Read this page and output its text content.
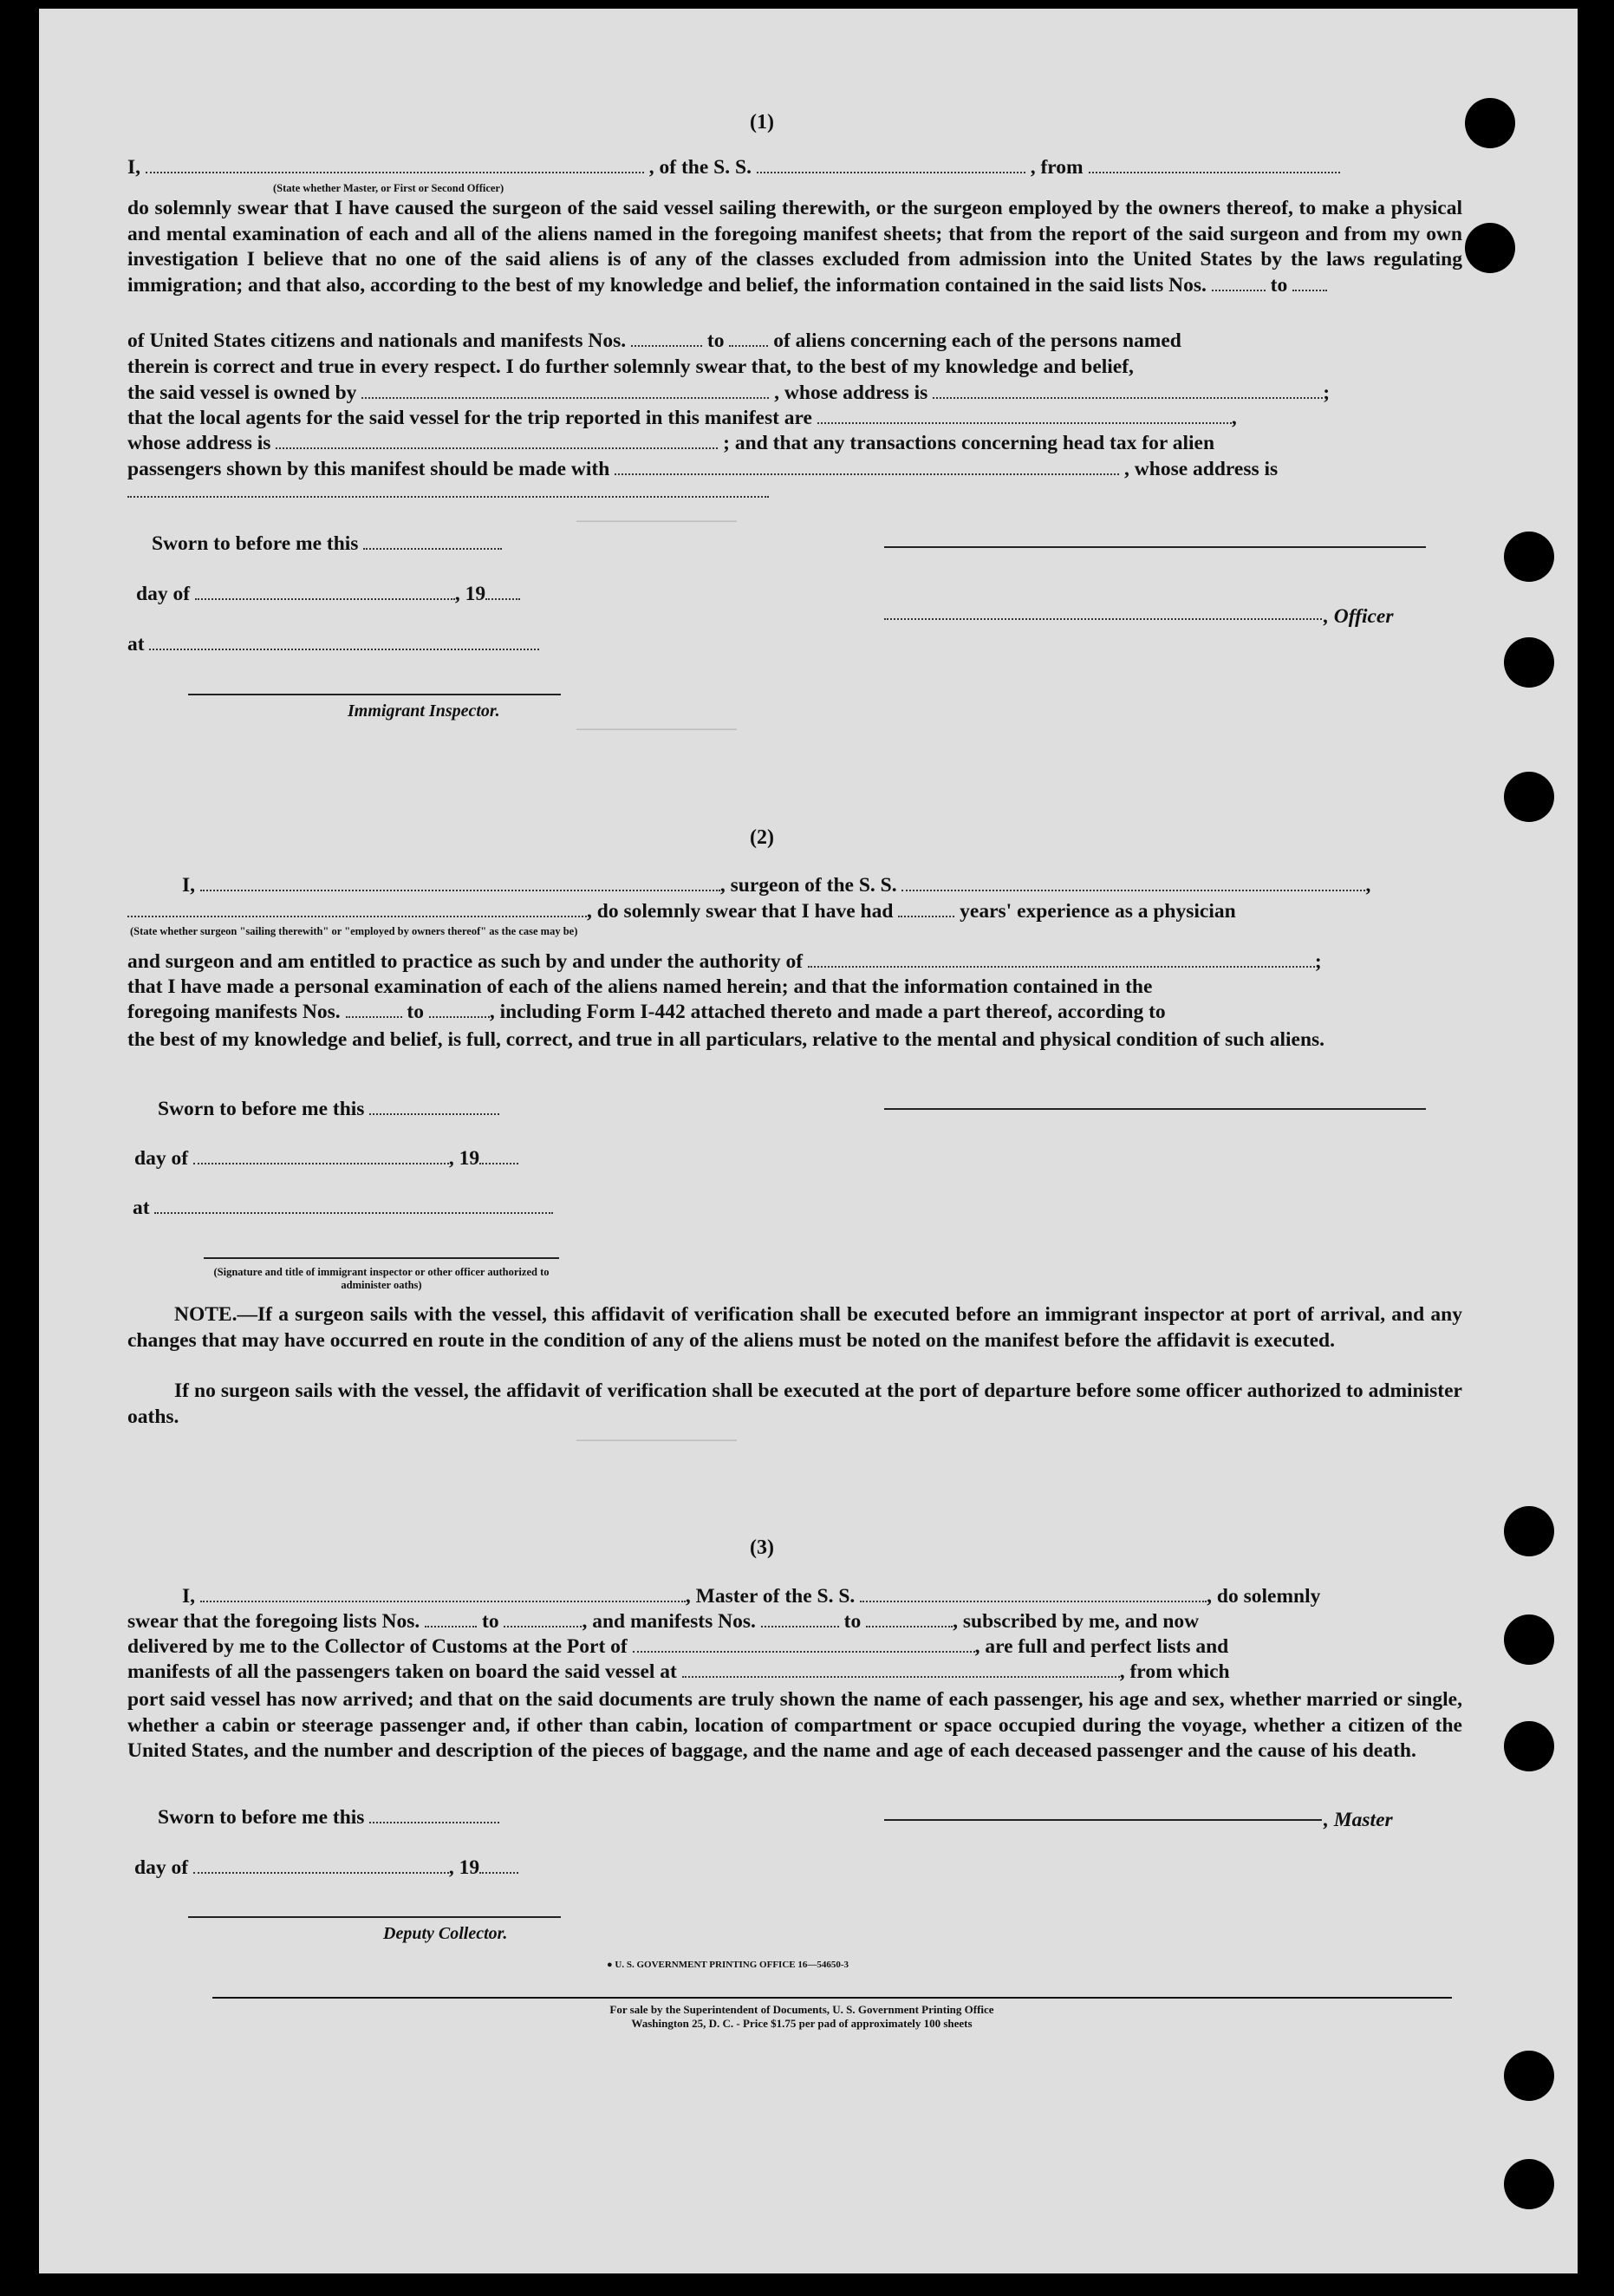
──────────────
──────────────
──────────────
(1)
I,	, of the S. S.	, from
(State whether Master, or First or Second Officer)
do solemnly swear that I have caused the surgeon of the said vessel sailing therewith, or the surgeon employed by the owners thereof, to make a physical and mental examination of each and all of the aliens named in the foregoing manifest sheets; that from the report of the said surgeon and from my own investigation I believe that no one of the said aliens is of any of the classes excluded from admission into the United States by the laws regulating immigration; and that also, according to the best of my knowledge and belief, the information contained in the said lists Nos.	to
of United States citizens and nationals and manifests Nos.	to of aliens concerning each of the persons named
therein is correct and true in every respect. I do further solemnly swear that, to the best of my knowledge and belief,
the said vessel is owned by	, whose address is	;
that the local agents for the said vessel for the trip reported in this manifest are	,
whose address is	; and that any transactions concerning head tax for alien
passengers shown by this manifest should be made with	, whose address is
Sworn to before me this
day of	, 19
at
Immigrant Inspector.
, Officer
(2)
I,	, surgeon of the S. S.	,
, do solemnly swear that I have had	years' experience as a physician
(State whether surgeon "sailing therewith" or "employed by owners thereof" as the case may be)
and surgeon and am entitled to practice as such by and under the authority of	;
that I have made a personal examination of each of the aliens named herein; and that the information contained in the
foregoing manifests Nos.	to	, including Form I-442 attached thereto and made a part thereof, according to
the best of my knowledge and belief, is full, correct, and true in all particulars, relative to the mental and physical condition of such aliens.
Sworn to before me this
day of	, 19
at
(Signature and title of immigrant inspector or other officer authorized to administer oaths)
NOTE.—If a surgeon sails with the vessel, this affidavit of verification shall be executed before an immigrant inspector at port of arrival, and any changes that may have occurred en route in the condition of any of the aliens must be noted on the manifest before the affidavit is executed.
If no surgeon sails with the vessel, the affidavit of verification shall be executed at the port of departure before some officer authorized to administer oaths.
(3)
I,	, Master of the S. S.	, do solemnly
swear that the foregoing lists Nos.	to	, and manifests Nos.	to	, subscribed by me, and now
delivered by me to the Collector of Customs at the Port of	, are full and perfect lists and
manifests of all the passengers taken on board the said vessel at	, from which
port said vessel has now arrived; and that on the said documents are truly shown the name of each passenger, his age and sex, whether married or single, whether a cabin or steerage passenger and, if other than cabin, location of compartment or space occupied during the voyage, whether a citizen of the United States, and the number and description of the pieces of baggage, and the name and age of each deceased passenger and the cause of his death.
Sworn to before me this	, Master
day of	, 19
Deputy Collector.
● U. S. GOVERNMENT PRINTING OFFICE 16—54650-3
For sale by the Superintendent of Documents, U. S. Government Printing Office
Washington 25, D. C. - Price $1.75 per pad of approximately 100 sheets
